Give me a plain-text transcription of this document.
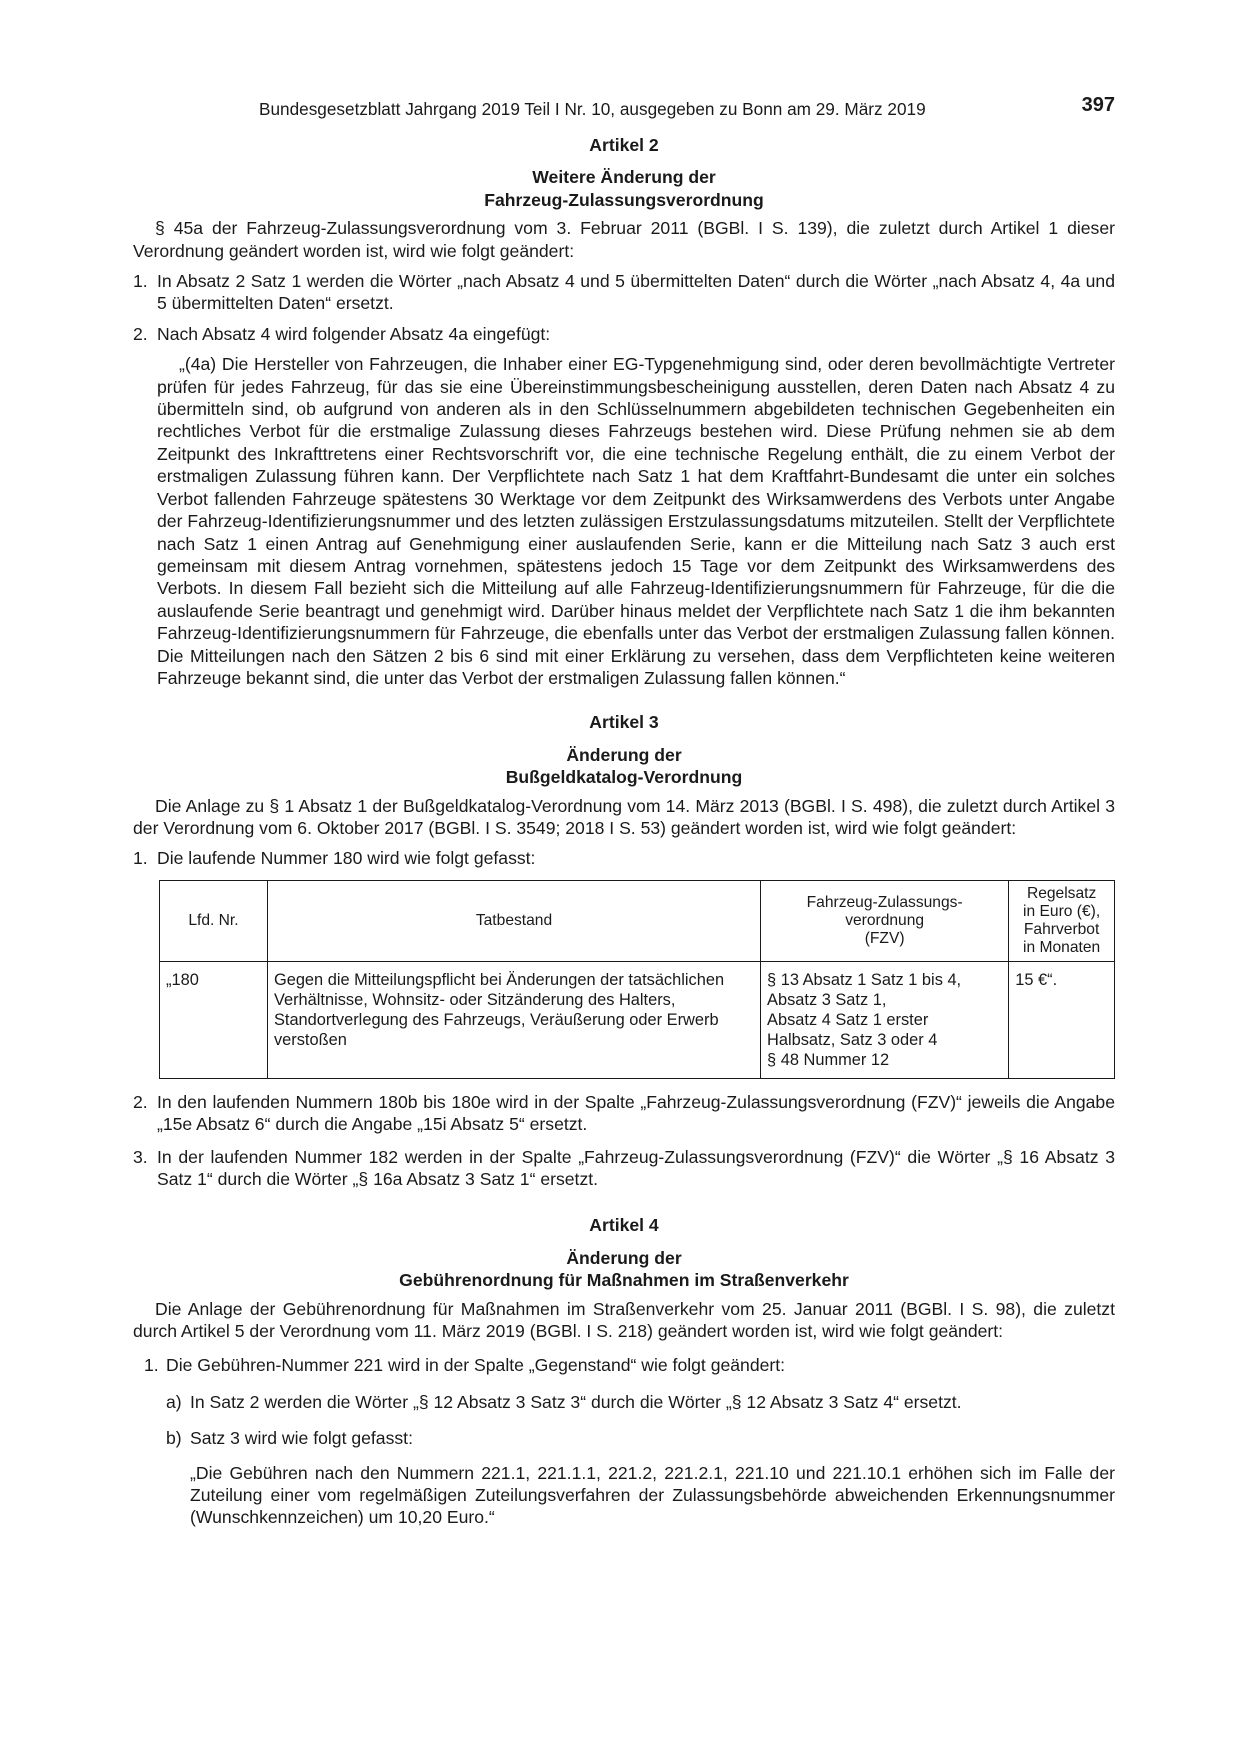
Bundesgesetzblatt Jahrgang 2019 Teil I Nr. 10, ausgegeben zu Bonn am 29. März 2019	397
Artikel 2
Weitere Änderung der
Fahrzeug-Zulassungsverordnung

§ 45a der Fahrzeug-Zulassungsverordnung vom 3. Februar 2011 (BGBl. I S. 139), die zuletzt durch Artikel 1 dieser Verordnung geändert worden ist, wird wie folgt geändert:

1. In Absatz 2 Satz 1 werden die Wörter „nach Absatz 4 und 5 übermittelten Daten“ durch die Wörter „nach Absatz 4, 4a und 5 übermittelten Daten“ ersetzt.
2. Nach Absatz 4 wird folgender Absatz 4a eingefügt:

„(4a) Die Hersteller von Fahrzeugen, die Inhaber einer EG-Typgenehmigung sind, oder deren bevollmächtigte Vertreter prüfen für jedes Fahrzeug, für das sie eine Übereinstimmungsbescheinigung ausstellen, deren Daten nach Absatz 4 zu übermitteln sind, ob aufgrund von anderen als in den Schlüsselnummern abgebildeten technischen Gegebenheiten ein rechtliches Verbot für die erstmalige Zulassung dieses Fahrzeugs bestehen wird. Diese Prüfung nehmen sie ab dem Zeitpunkt des Inkrafttretens einer Rechtsvorschrift vor, die eine technische Regelung enthält, die zu einem Verbot der erstmaligen Zulassung führen kann. Der Verpflichtete nach Satz 1 hat dem Kraftfahrt-Bundesamt die unter ein solches Verbot fallenden Fahrzeuge spätestens 30 Werktage vor dem Zeitpunkt des Wirksamwerdens des Verbots unter Angabe der Fahrzeug-Identifizierungsnummer und des letzten zulässigen Erstzulassungsdatums mitzuteilen. Stellt der Verpflichtete nach Satz 1 einen Antrag auf Genehmigung einer auslaufenden Serie, kann er die Mitteilung nach Satz 3 auch erst gemeinsam mit diesem Antrag vornehmen, spätestens jedoch 15 Tage vor dem Zeitpunkt des Wirksamwerdens des Verbots. In diesem Fall bezieht sich die Mitteilung auf alle Fahrzeug-Identifizierungsnummern für Fahrzeuge, für die die auslaufende Serie beantragt und genehmigt wird. Darüber hinaus meldet der Verpflichtete nach Satz 1 die ihm bekannten Fahrzeug-Identifizierungsnummern für Fahrzeuge, die ebenfalls unter das Verbot der erstmaligen Zulassung fallen können. Die Mitteilungen nach den Sätzen 2 bis 6 sind mit einer Erklärung zu versehen, dass dem Verpflichteten keine weiteren Fahrzeuge bekannt sind, die unter das Verbot der erstmaligen Zulassung fallen können.“

Artikel 3
Änderung der
Bußgeldkatalog-Verordnung

Die Anlage zu § 1 Absatz 1 der Bußgeldkatalog-Verordnung vom 14. März 2013 (BGBl. I S. 498), die zuletzt durch Artikel 3 der Verordnung vom 6. Oktober 2017 (BGBl. I S. 3549; 2018 I S. 53) geändert worden ist, wird wie folgt geändert:

1. Die laufende Nummer 180 wird wie folgt gefasst:
Lfd. Nr.	Tatbestand	Fahrzeug-Zulassungs-
verordnung
(FZV)	Regelsatz
in Euro (€),
Fahrverbot
in Monaten
„180	Gegen die Mitteilungspflicht bei Änderungen der tatsächlichen Verhältnisse, Wohnsitz- oder Sitzänderung des Halters, Standortverlegung des Fahrzeugs, Veräußerung oder Erwerb verstoßen	§ 13 Absatz 1 Satz 1 bis 4,
Absatz 3 Satz 1,
Absatz 4 Satz 1 erster
Halbsatz, Satz 3 oder 4
§ 48 Nummer 12	15 €“.
2. In den laufenden Nummern 180b bis 180e wird in der Spalte „Fahrzeug-Zulassungsverordnung (FZV)“ jeweils die Angabe „15e Absatz 6“ durch die Angabe „15i Absatz 5“ ersetzt.
3. In der laufenden Nummer 182 werden in der Spalte „Fahrzeug-Zulassungsverordnung (FZV)“ die Wörter „§ 16 Absatz 3 Satz 1“ durch die Wörter „§ 16a Absatz 3 Satz 1“ ersetzt.
Artikel 4
Änderung der
Gebührenordnung für Maßnahmen im Straßenverkehr

Die Anlage der Gebührenordnung für Maßnahmen im Straßenverkehr vom 25. Januar 2011 (BGBl. I S. 98), die zuletzt durch Artikel 5 der Verordnung vom 11. März 2019 (BGBl. I S. 218) geändert worden ist, wird wie folgt geändert:

1. Die Gebühren-Nummer 221 wird in der Spalte „Gegenstand“ wie folgt geändert:
a) In Satz 2 werden die Wörter „§ 12 Absatz 3 Satz 3“ durch die Wörter „§ 12 Absatz 3 Satz 4“ ersetzt.
b) Satz 3 wird wie folgt gefasst:

„Die Gebühren nach den Nummern 221.1, 221.1.1, 221.2, 221.2.1, 221.10 und 221.10.1 erhöhen sich im Falle der Zuteilung einer vom regelmäßigen Zuteilungsverfahren der Zulassungsbehörde abweichenden Erkennungsnummer (Wunschkennzeichen) um 10,20 Euro.“
